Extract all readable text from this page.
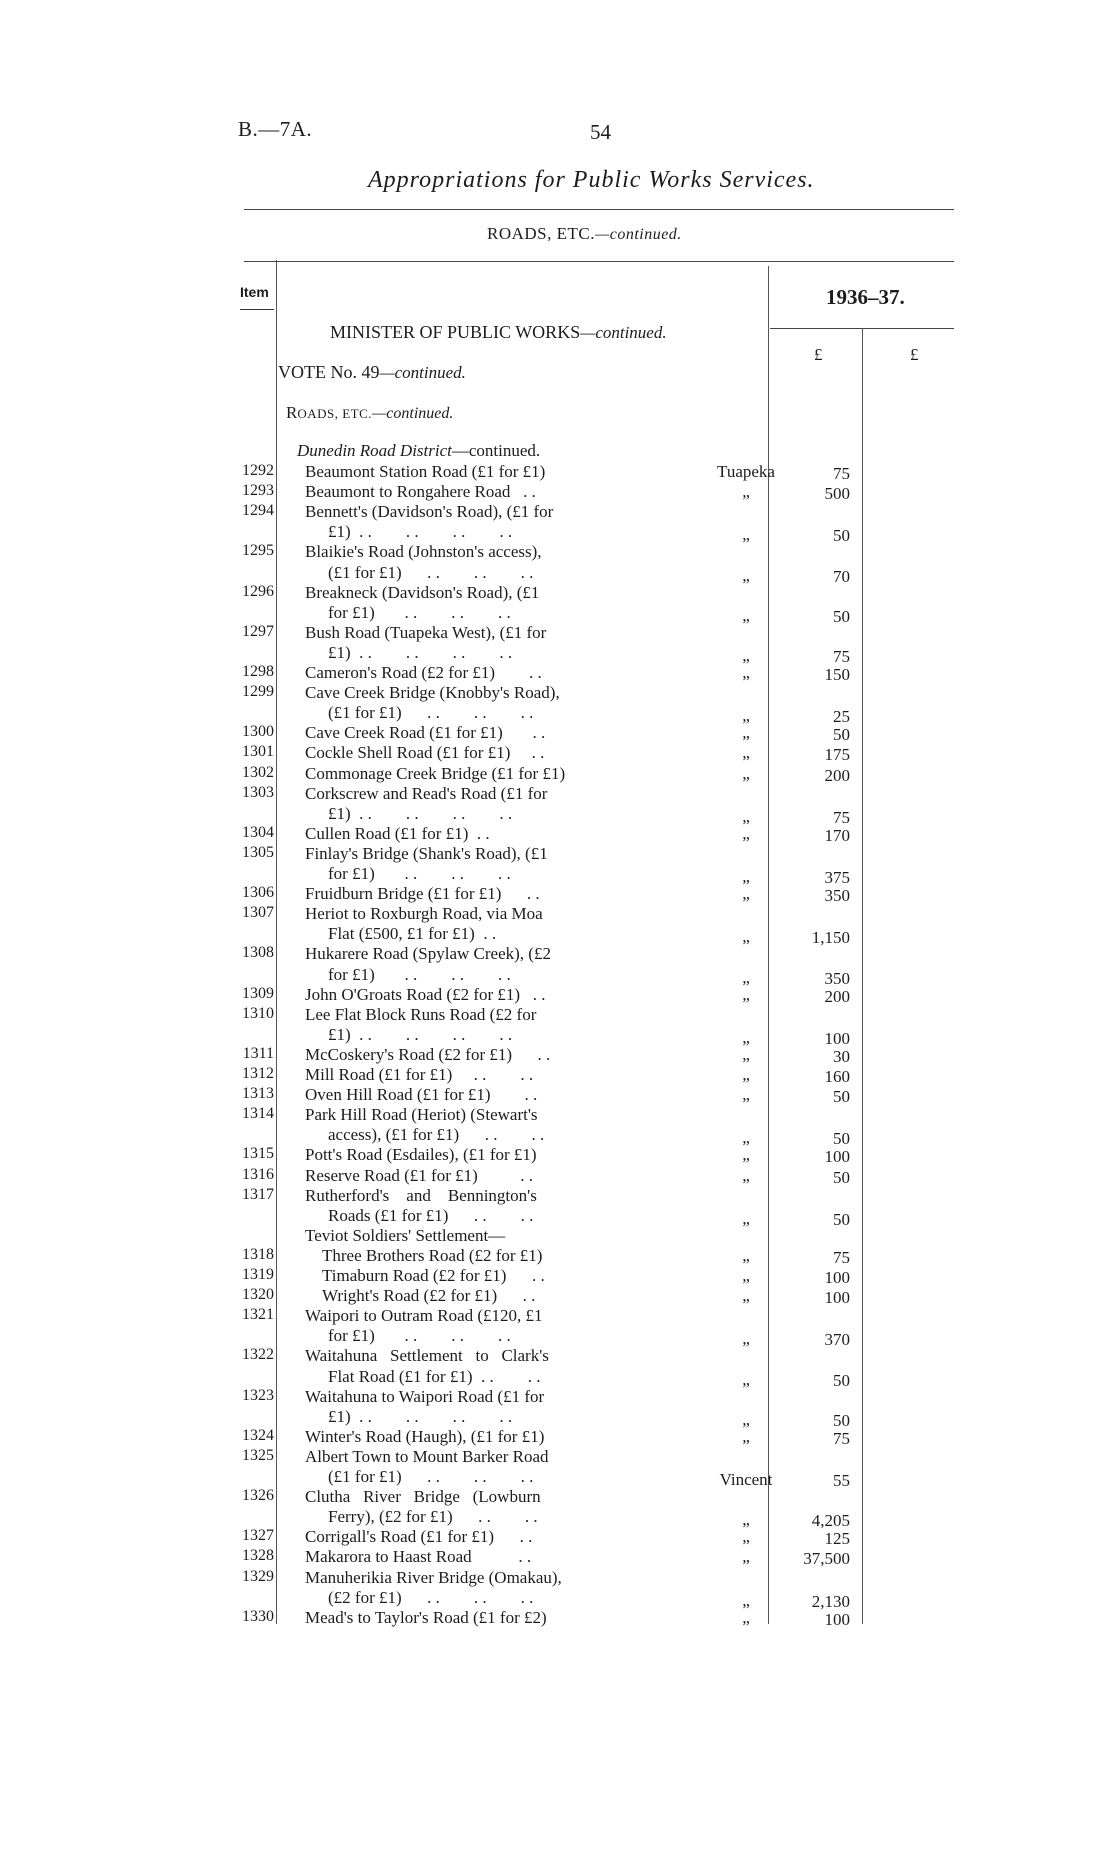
B.—7A.	54
Appropriations for Public Works Services.
ROADS, ETC.—continued.
Item	1936–37.
£	£
MINISTER OF PUBLIC WORKS—continued.
VOTE No. 49—continued.
ROADS, ETC.—continued.
Dunedin Road District—continued.
1292 Beaumont Station Road (£1 for £1)	Tuapeka	75
1293 Beaumont to Rongahere Road   . .	„	500
1294 Bennett's (Davidson's Road), (£1 for
£1)  . .        . .        . .        . .	„	50
1295 Blaikie's Road (Johnston's access),
(£1 for £1)      . .        . .        . .	„	70
1296 Breakneck (Davidson's Road), (£1
for £1)       . .        . .        . .	„	50
1297 Bush Road (Tuapeka West), (£1 for
£1)  . .        . .        . .        . .	„	75
1298 Cameron's Road (£2 for £1)        . .	„	150
1299 Cave Creek Bridge (Knobby's Road),
(£1 for £1)      . .        . .        . .	„	25
1300 Cave Creek Road (£1 for £1)       . .	„	50
1301 Cockle Shell Road (£1 for £1)     . .	„	175
1302 Commonage Creek Bridge (£1 for £1)	„	200
1303 Corkscrew and Read's Road (£1 for
£1)  . .        . .        . .        . .	„	75
1304 Cullen Road (£1 for £1)  . .	„	170
1305 Finlay's Bridge (Shank's Road), (£1
for £1)       . .        . .        . .	„	375
1306 Fruidburn Bridge (£1 for £1)      . .	„	350
1307 Heriot to Roxburgh Road, via Moa
Flat (£500, £1 for £1)  . .	„	1,150
1308 Hukarere Road (Spylaw Creek), (£2
for £1)       . .        . .        . .	„	350
1309 John O'Groats Road (£2 for £1)   . .	„	200
1310 Lee Flat Block Runs Road (£2 for
£1)  . .        . .        . .        . .	„	100
1311 McCoskery's Road (£2 for £1)      . .	„	30
1312 Mill Road (£1 for £1)     . .        . .	„	160
1313 Oven Hill Road (£1 for £1)        . .	„	50
1314 Park Hill Road (Heriot) (Stewart's
access), (£1 for £1)      . .        . .	„	50
1315 Pott's Road (Esdailes), (£1 for £1)	„	100
1316 Reserve Road (£1 for £1)          . .	„	50
1317 Rutherford's    and    Bennington's
Roads (£1 for £1)      . .        . .	„	50
Teviot Soldiers' Settlement—
1318	Three Brothers Road (£2 for £1)	„	75
1319	Timaburn Road (£2 for £1)      . .	„	100
1320	Wright's Road (£2 for £1)      . .	„	100
1321 Waipori to Outram Road (£120, £1
for £1)       . .        . .        . .	„	370
1322 Waitahuna   Settlement   to   Clark's
Flat Road (£1 for £1)  . .        . .	„	50
1323 Waitahuna to Waipori Road (£1 for
£1)  . .        . .        . .        . .	„	50
1324 Winter's Road (Haugh), (£1 for £1)	„	75
1325 Albert Town to Mount Barker Road
(£1 for £1)      . .        . .        . .	Vincent	55
1326 Clutha   River   Bridge   (Lowburn
Ferry), (£2 for £1)      . .        . .	„	4,205
1327 Corrigall's Road (£1 for £1)      . .	„	125
1328 Makarora to Haast Road           . .	„	37,500
1329 Manuherikia River Bridge (Omakau),
(£2 for £1)      . .        . .        . .	„	2,130
1330 Mead's to Taylor's Road (£1 for £2)	„	100
